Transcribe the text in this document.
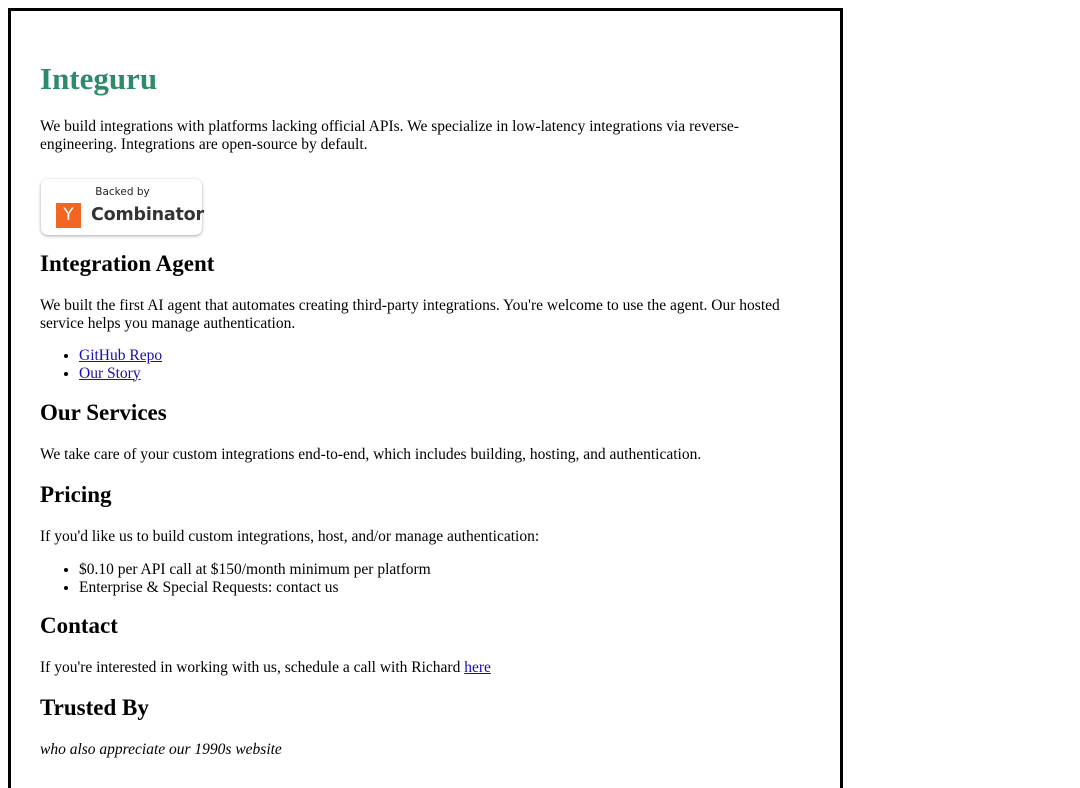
Integuru

We build integrations with platforms lacking official APIs. We specialize in low-latency integrations via reverse-engineering. Integrations are open-source by default.

Backed by
Y Combinator
Integration Agent

We built the first AI agent that automates creating third-party integrations. You're welcome to use the agent. Our hosted service helps you manage authentication.

• GitHub Repo
• Our Story
Our Services

We take care of your custom integrations end-to-end, which includes building, hosting, and authentication.

Pricing

If you'd like us to build custom integrations, host, and/or manage authentication:

• $0.10 per API call at $150/month minimum per platform
• Enterprise & Special Requests: contact us
Contact

If you're interested in working with us, schedule a call with Richard here

Trusted By

who also appreciate our 1990s website
